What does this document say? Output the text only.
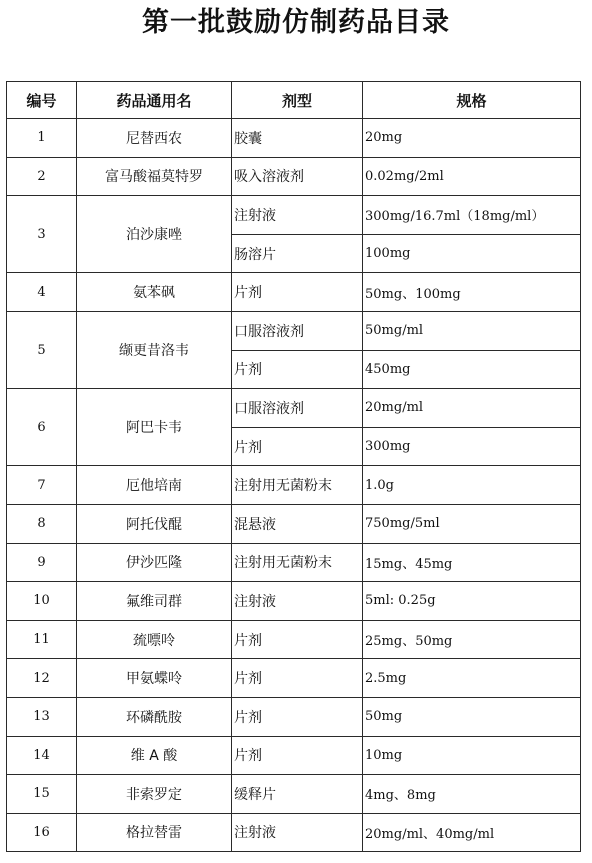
第一批鼓励仿制药品目录
编号	药品通用名	剂型	规格
1	尼替西农	胶囊	20mg
2	富马酸福莫特罗	吸入溶液剂	0.02mg/2ml
3	泊沙康唑	注射液	300mg/16.7ml（18mg/ml）
		肠溶片	100mg
4	氨苯砜	片剂	50mg、100mg
5	缬更昔洛韦	口服溶液剂	50mg/ml
		片剂	450mg
6	阿巴卡韦	口服溶液剂	20mg/ml
		片剂	300mg
7	厄他培南	注射用无菌粉末	1.0g
8	阿托伐醌	混悬液	750mg/5ml
9	伊沙匹隆	注射用无菌粉末	15mg、45mg
10	氟维司群	注射液	5ml: 0.25g
11	巯嘌呤	片剂	25mg、50mg
12	甲氨蝶呤	片剂	2.5mg
13	环磷酰胺	片剂	50mg
14	维 A 酸	片剂	10mg
15	非索罗定	缓释片	4mg、8mg
16	格拉替雷	注射液	20mg/ml、40mg/ml
